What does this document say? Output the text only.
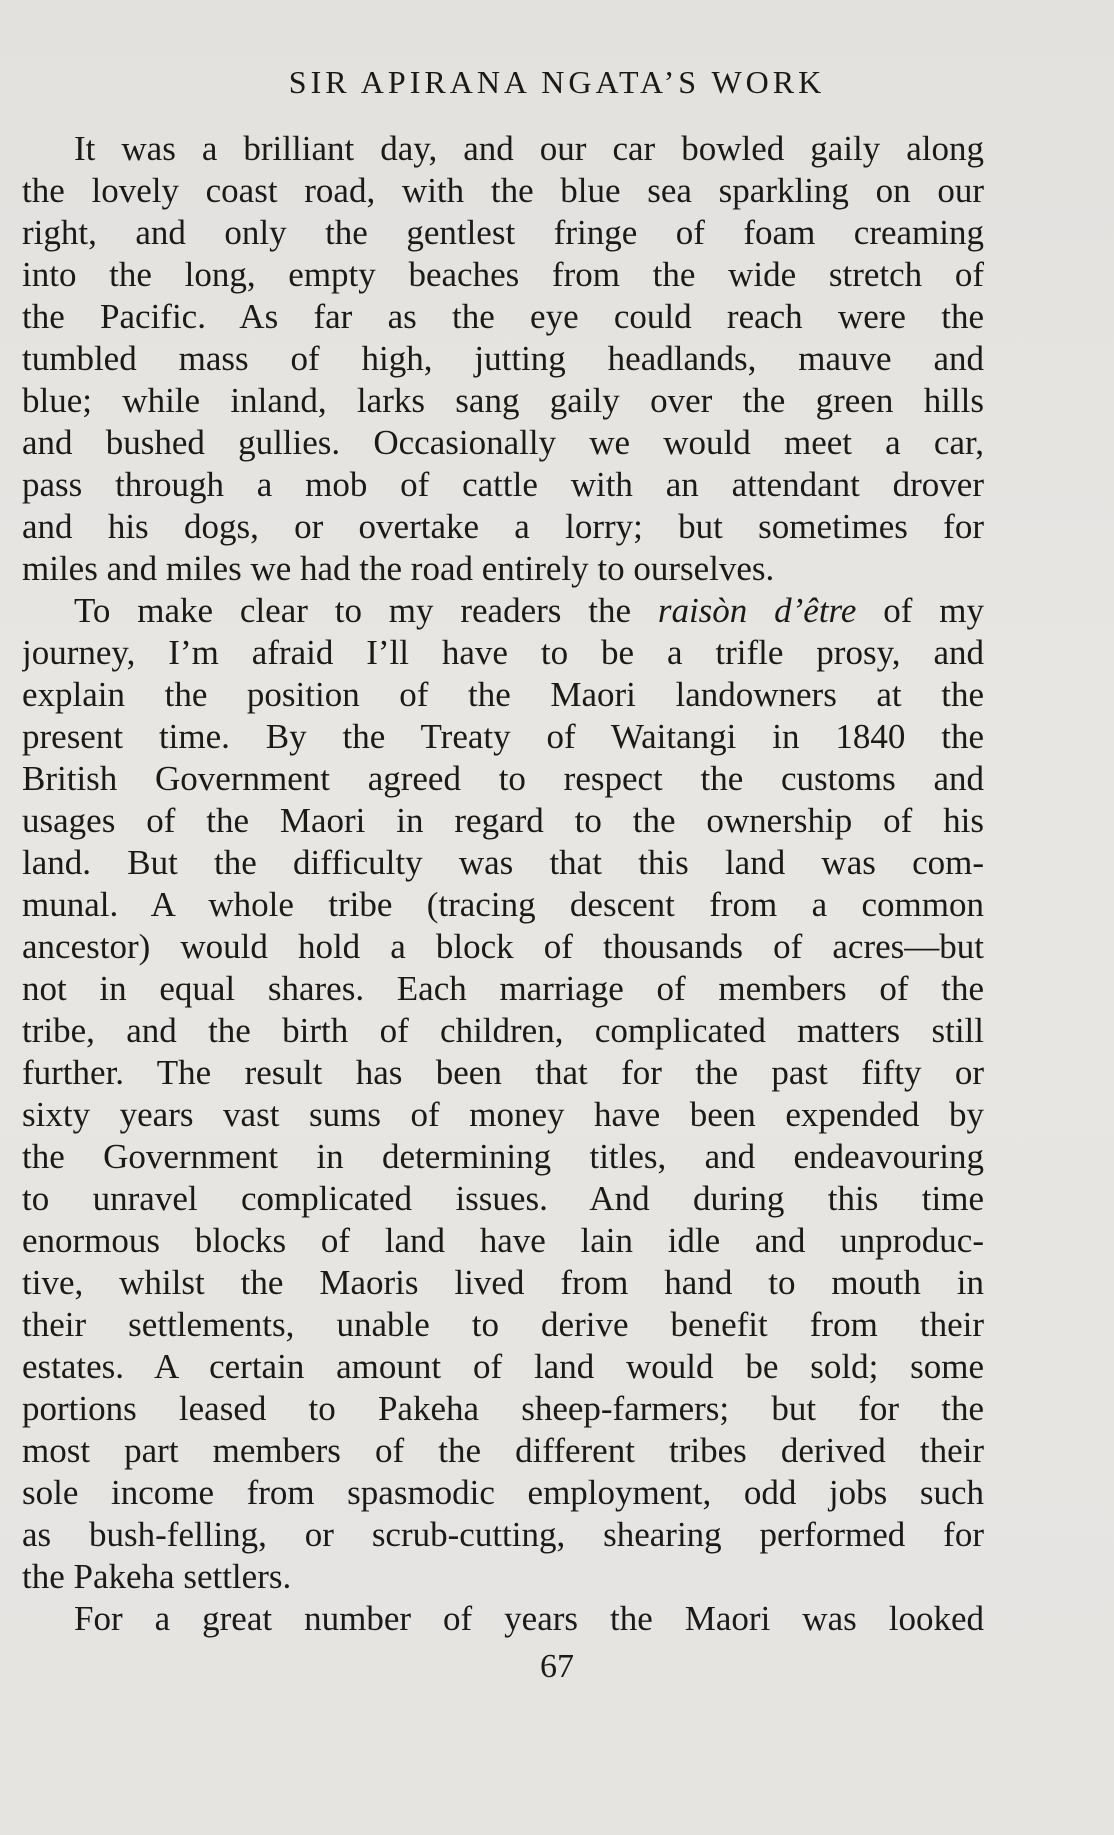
SIR APIRANA NGATA’S WORK
It was a brilliant day, and our car bowled gaily along
the lovely coast road, with the blue sea sparkling on our
right, and only the gentlest fringe of foam creaming
into the long, empty beaches from the wide stretch of
the Pacific. As far as the eye could reach were the
tumbled mass of high, jutting headlands, mauve and
blue; while inland, larks sang gaily over the green hills
and bushed gullies. Occasionally we would meet a car,
pass through a mob of cattle with an attendant drover
and his dogs, or overtake a lorry; but sometimes for
miles and miles we had the road entirely to ourselves.
To make clear to my readers the raisòn d’être of my
journey, I’m afraid I’ll have to be a trifle prosy, and
explain the position of the Maori landowners at the
present time. By the Treaty of Waitangi in 1840 the
British Government agreed to respect the customs and
usages of the Maori in regard to the ownership of his
land. But the difficulty was that this land was com-
munal. A whole tribe (tracing descent from a common
ancestor) would hold a block of thousands of acres—but
not in equal shares. Each marriage of members of the
tribe, and the birth of children, complicated matters still
further. The result has been that for the past fifty or
sixty years vast sums of money have been expended by
the Government in determining titles, and endeavouring
to unravel complicated issues. And during this time
enormous blocks of land have lain idle and unproduc-
tive, whilst the Maoris lived from hand to mouth in
their settlements, unable to derive benefit from their
estates. A certain amount of land would be sold; some
portions leased to Pakeha sheep-farmers; but for the
most part members of the different tribes derived their
sole income from spasmodic employment, odd jobs such
as bush-felling, or scrub-cutting, shearing performed for
the Pakeha settlers.
For a great number of years the Maori was looked
67
